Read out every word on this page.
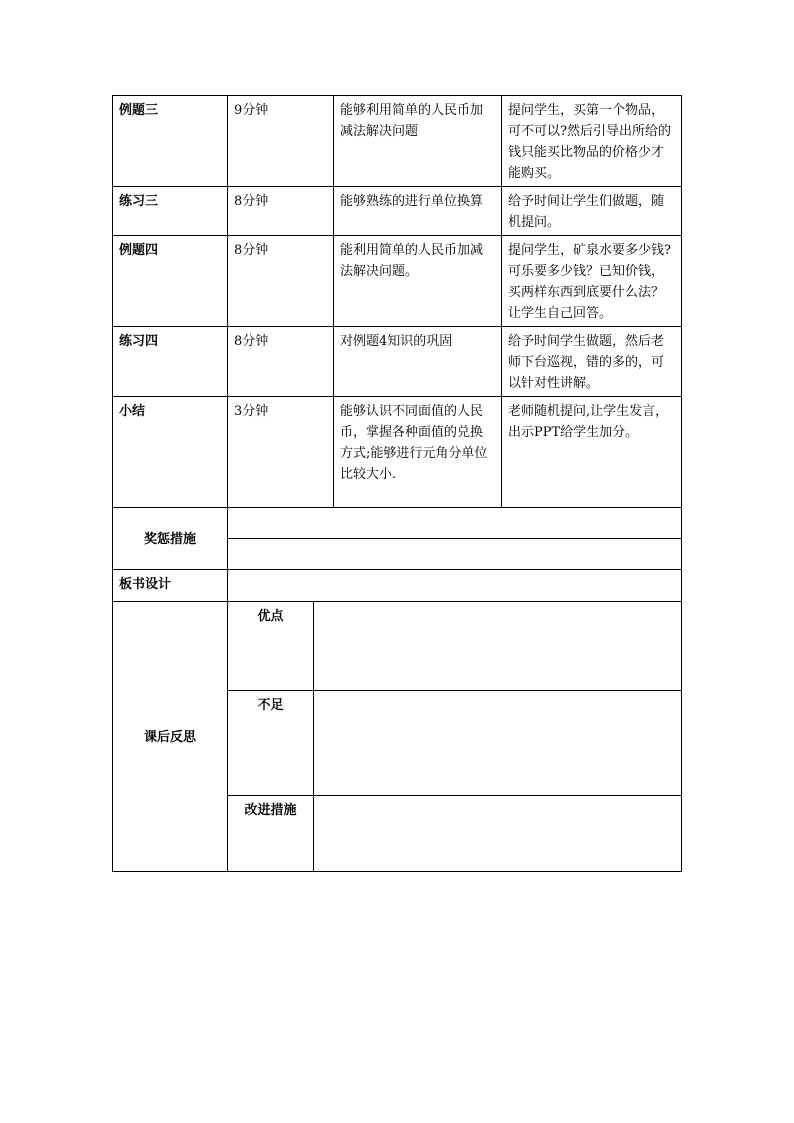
例题三	9分钟		能够利用简单的人民币加减法解决问题	提问学生，买第一个物品，可不可以?然后引导出所给的钱只能买比物品的价格少才能购买。
练习三	8分钟		能够熟练的进行单位换算	给予时间让学生们做题，随机提问。
例题四	8分钟		能利用简单的人民币加减法解决问题。	提问学生，矿泉水要多少钱?可乐要多少钱？已知价钱，买两样东西到底要什么法？让学生自己回答。
练习四	8分钟		对例题4知识的巩固	给予时间学生做题，然后老师下台巡视，错的多的，可以针对性讲解。
小结	3分钟		能够认识不同面值的人民币，掌握各种面值的兑换方式;能够进行元角分单位比较大小.	老师随机提问,让学生发言，出示PPT给学生加分。
奖惩措施				

板书设计				
课后反思	优点			
	不足			
	改进措施			
